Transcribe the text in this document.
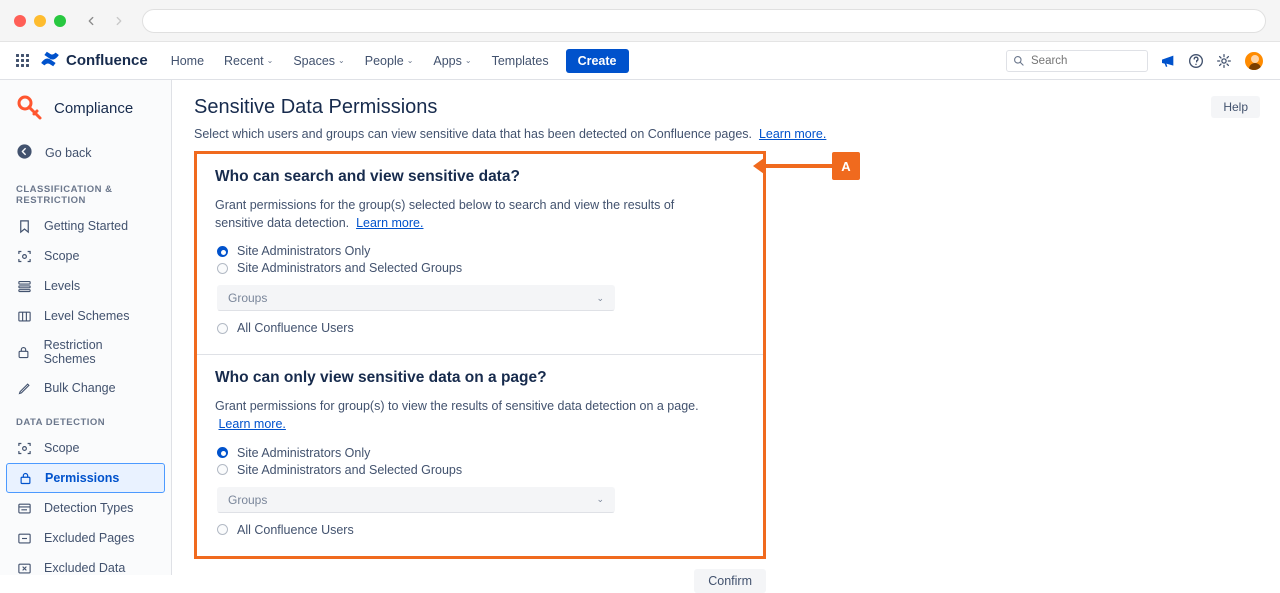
Confluence Home Recent ⌄ Spaces ⌄ People ⌄ Apps ⌄ Templates	Create
Search
Compliance
Go back
CLASSIFICATION & RESTRICTION
Getting Started
Scope
Levels
Level Schemes
Restriction Schemes
Bulk Change
DATA DETECTION
Scope
Permissions
Detection Types
Excluded Pages
Excluded Data
Help
Sensitive Data Permissions

Select which users and groups can view sensitive data that has been detected on Confluence pages. Learn more.

Who can search and view sensitive data?

Grant permissions for the group(s) selected below to search and view the results of sensitive data detection. Learn more.

Site Administrators Only
Site Administrators and Selected Groups
Groups	⌄
All Confluence Users
Who can only view sensitive data on a page?

Grant permissions for group(s) to view the results of sensitive data detection on a page.  Learn more.

Site Administrators Only
Site Administrators and Selected Groups
Groups	⌄
All Confluence Users
Confirm
A
